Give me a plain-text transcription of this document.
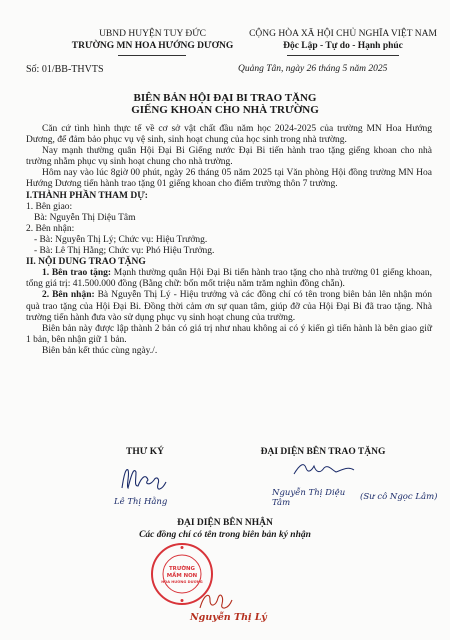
UBND HUYỆN TUY ĐỨC
TRƯỜNG MN HOA HƯỚNG DƯƠNG
CỘNG HÒA XÃ HỘI CHỦ NGHĨA VIỆT NAM
Độc Lập - Tự do - Hạnh phúc
Số: 01/BB-THVTS	Quảng Tân, ngày 26 tháng 5 năm 2025
BIÊN BẢN HỘI ĐẠI BI TRAO TẶNG
GIẾNG KHOAN CHO NHÀ TRƯỜNG

Căn cứ tình hình thực tế về cơ sở vật chất đầu năm học 2024-2025 của trường MN Hoa Hướng Dương, để đảm bảo phục vụ vệ sinh, sinh hoạt chung của học sinh trong nhà trường.

Nay mạnh thường quân Hội Đại Bi Giếng nước Đại Bi tiến hành trao tặng giếng khoan cho nhà trường nhằm phục vụ sinh hoạt chung cho nhà trường.

Hôm nay vào lúc 8giờ 00 phút, ngày 26 tháng 05 năm 2025 tại Văn phòng Hội đồng trường MN Hoa Hướng Dương tiến hành trao tặng 01 giếng khoan cho điểm trường thôn 7 trường.

I.THÀNH PHẦN THAM DỰ:

1. Bên giao:

Bà: Nguyễn Thị Diệu Tâm

2. Bên nhận:

- Bà: Nguyễn Thị Lý; Chức vụ: Hiệu Trưởng.

- Bà: Lê Thị Hằng; Chức vụ: Phó Hiệu Trưởng.

II. NỘI DUNG TRAO TẶNG

1. Bên trao tặng: Mạnh thường quân Hội Đại Bi tiến hành trao tặng cho nhà trường 01 giếng khoan, tổng giá trị: 41.500.000 đồng (Bằng chữ: bốn mốt triệu năm trăm nghìn đồng chẵn).

2. Bên nhận: Bà Nguyễn Thị Lý - Hiệu trưởng và các đồng chí có tên trong biên bản lên nhận món quà trao tặng của Hội Đại Bi. Đồng thời cảm ơn sự quan tâm, giúp đỡ của Hội Đại Bi đã trao tặng. Nhà trường tiến hành đưa vào sử dụng phục vụ sinh hoạt chung của trường.

Biên bản này được lập thành 2 bản có giá trị như nhau không ai có ý kiến gì tiến hành là bên giao giữ 1 bản, bên nhận giữ 1 bản.

Biên bản kết thúc cùng ngày./.

THƯ KÝ
Lê Thị Hằng
ĐẠI DIỆN BÊN TRAO TẶNG
Nguyễn Thị Diệu Tâm
(Sư cô Ngọc Lâm)
ĐẠI DIỆN BÊN NHẬN
Các đồng chí có tên trong biên bản ký nhận
TRƯỜNG
MẦM NON
HOA HƯỚNG DƯƠNG
Nguyễn Thị Lý
